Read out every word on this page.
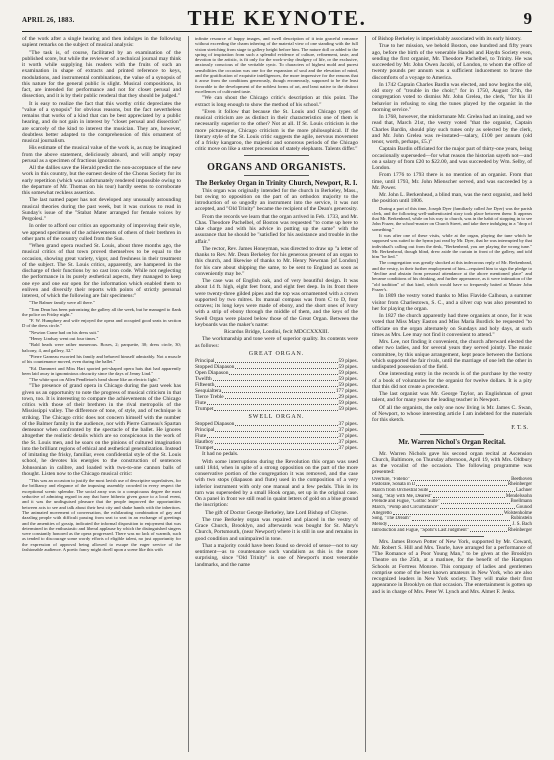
APRIL 26, 1883.	THE KEYNOTE.	9

of the work after a single hearing and then indulges in the following sapient remarks on the subject of musical analysis:

"The task is, of course, facilitated by an examination of the published score, but while the reviewer of a technical journal may think it worth while supplying his readers with the fruits of such an examination in shape of extracts and printed reference to keys, modulations, and instrumental combinations, the value of a synopsis of this nature for the general public is slight. Musical compositions, in fact, are intended for performance and not for closet perusal and dissection, and it is by their public renderal that they should be judged."

It is easy to realize the fact that this worthy critic depreciates the "value of a synopsis" for obvious reasons, but the fact nevertheless remains that works of a kind that can be best appreciated by a public hearing, and do not gain in interest by "closet perusal and dissection" are scarcely of the kind to interest the musician. They are, however, doubtless better adapted to the comprehension of this ornament of musical journalism.

His estimate of the musical value of the work is, as may be imagined from the above statement, deliciously absurd, and will amply repay perusal as a specimen of fractious ignorance.

All the dallies save the Herald predict the non-acceptance of the new work in this country, but the earnest desire of the Chorus Society for its early repetition (which was unfortunately rendered impossible owing to the departure of Mr. Thomas on his tour) hardly seems to corroborate this somewhat reckless assertion.

The last named paper has not developed any unusually astounding musical theories during the past week, but it was curious to read in Sunday's issue of the "Stabat Mater arranged for female voices by Pergolesi."

In order to afford our critics an opportunity of improving their style, we append specimens of the achievements of others of their brethren in other parts of the country culled from the Sun.

"When grand opera reached St. Louis, about three months ago, the musical critics of that town proved themselves to be equal to the occasion, showing great variety, vigor, and freshness in their treatment of the subject. The St. Louis critics, apparently, are hampered in the discharge of their functions by no cast iron code. While not neglecting the performance in its purely æsthetical aspects, they managed to keep one eye and one ear open for the information which enabled them to enliven and diversify their reports with points of strictly personal interest, of which the following are fair specimens:"

"The Balmer family were all there."

"Tom Dean has been patronizing the gallery all the week, but he managed to flank the police on Friday night."

"F. W. Humphrey and wife enjoyed the opera and occupied good seats in section D of the dress circle."

"Newton Crane had on his dress suit."

"Henry Lindsay went out four times."

"Bald heads were rather numerous. Boxes, 2; parquette, 30; dress circle, 30; balcony, 4, and gallery, 32."

"Pierre Garneau escorted his family and behaved himself admirably. Not a muscle of his countenance moved, even during the ballet."

"Ed. Dammert and Miss Hart sported pet-shaped opera hats that had apparently been laid away in ignominious obscurity since the days of Jenny Lind."

"The white spot on Allen Pendleton's head shone like an electric light."

"The presence of grand opera in Chicago during the past week has given us an opportunity to note the progress of musical criticism in that town, too. It is interesting to compare the achievements of the Chicago critics with those of their brethren in the rival metropolis of the Mississippi valley. The difference of tone, of style, and of technique is striking. The Chicago critic does not concern himself with the number of the Balmer family in the audience, nor with Pierre Garneau's Spartan demeanor when confronted by the spectacle of the ballet. He ignores altogether the realistic details which are so conspicuous in the work of the St. Louis men, and he soars on the pinions of cultured imagination into the brilliant regions of ethical and æsthetical generalization. Instead of imitating the frisky, familiar, even confidential style of the St. Louis school, he devotes his energies to the construction of sentences Johnsonian in calibre, and loaded with two-to-one cannon balls of thought. Listen now to the Chicago musical critic:

"This was an occasion to justify the most lavish use of descriptive superlatives, for the brilliancy and elegance of the imposing assembly crowded in every respect the exceptional scenic splendor. The social array was to a conspicuous degree the most seductive of admiring regard in any that have hitherto given grace to a local event, and it was the undisguised pleasure that the people improved the opportunities between acts to see and talk about their best city and shake hands with the inheritors. The animated movement of conversation, the exhilarating combination of gay and dazzling people with difficult passing from seat to seat in an exchange of greetings and the amenities of gossip, indicated the informal disposition to enjoyment that was determined in the enthusiastic and liberal applause by which the distinguished singers were constantly honored as the opera progressed. There was no lack of warmth, such as tended to discourage some wordy efforts of eligible talent, no just opportunity for the expression of approval being allowed to escape the eager service of the fashionable audience. A poetic fancy might dwell upon a scene like this with

infinite resource of happy images, and swell description of it into graceful romance without exceeding the charm inhering of the material view of one standing with the full vision stretching from stage to gallery height before him. The nature doll or added to the spring of inspiration from such a splendid evidence of culture, refinement, taste, and devotion to the artistic, is fit only for the work-a-day drudgery of life, or the exclusive, anxiously conscious of the veritable cynic. To characters of highest mold and purest sensibilities the occasion was one for the expansion of soul and the elevation of mind, and the gratification of exquisite intelligences, the more impressive for the reasons that it arose from the conditions generously, though erroneously, supposed to be the least favorable to the development of the noblest forms of art, and least native to the distinct excellences of cultivated taste.

"We can shout the Chicago critic's description at this point. The extract is long enough to show the method of his school."

"Even it follow that because the St. Louis and Chicago types of musical criticism are as distinct in their characteristics one of them is necessarily superior to the other? Not at all. If St. Louis criticism is the more picturesque, Chicago criticism is the more philosophical. If the literary style of the St. Louis critic suggests the agile, nervous movement of a frisky kangaroo, the majestic and sonorous periods of the Chicago critic move on like a street procession of stately elephants. Talents differ."

ORGANS AND ORGANISTS.
The Berkeley Organ in Trinity Church, Newport, R. I.

This organ was originally intended for the church in Berkeley, Mass., but owing to opposition on the part of an orthodox majority to the introduction of so ungodly an instrument into the service, it was not accepted, and "Old Trinity" became the recipient of the Dean's generosity.

From the records we learn that the organ arrived in Feb. 1733, and Mr. Chas. Theodore Pachelbel, of Boston was requested "to come up here to take charge and with his advice in putting up the same" with the assurance that he should be "satisfied for his assistance and trouble in the affair."

The rector, Rev. James Honeyman, was directed to draw up "a letter of thanks to Rev. Mr. Dean Berkeley for his generous present of an organ to this church, and likewise of thanks to Mr. Henry Newman [of London] for his care about shipping the same, to be sent to England as soon as conveniently may be."

The case was of English oak, and of very beautiful design. It was about 14 ft. high, eight feet front, and eight feet deep. In its front there were twenty-three gilded pipes and the top was ornamented with a crown supported by two mitres. Its manual compass was from C to D, four octaves; its long keys were made of ebony, and the short ones of ivory with a strip of ebony through the middle of them, and the keys of the Swell Organ were placed below those of the Great Organ. Between the keyboards was the maker's name:

Ricardus Bridge, Londini, fecit MDCCXXXIII.

The workmanship and tone were of superior quality. Its contents were as follows:

GREAT ORGAN.
Principal	59 pipes.
Stopped Diapason	59 pipes.
Open Diapason	59 pipes.
Twelfth	59 pipes.
Fifteenth	59 pipes.
Sesquialtera	177 pipes.
Tierce Treble	29 pipes.
Flute	59 pipes.
Trumpet	59 pipes.
SWELL ORGAN.
Stopped Diapason	37 pipes.
Principal	37 pipes.
Flute	37 pipes.
Hautboy	37 pipes.
Trumpet	37 pipes.

It had no pedals.

With some interruptions during the Revolution this organ was used until 1844, when in spite of a strong opposition on the part of the more conservative portion of the congregation it was removed, and the case with two stops (diapason and flute) used in the composition of a very inferior instrument with only one manual and a few pedals. This in its turn was superseded by a small Hook organ, set up in the original case. On a panel in front we still read in quaint letters of gold on a blue ground the inscription:

The gift of Doctor George Berkeley, late Lord Bishop of Cloyne.

The true Berkeley organ was repaired and placed in the vestry of Grace Church, Brooklyn, and afterwards was bought for St. Mary's Church, Portsmouth, (near Newport) where it is still in use and remains in good condition and unimpaired in tone.

That a majority could have been found so devoid of sense—not to say sentiment—as to countenance such vandalism as this is the more surprising, since "Old Trinity" is one of Newport's most venerable landmarks, and the name

of Bishop Berkeley is imperishably associated with its early history.

True to her mission, we behold Boston, one hundred and fifty years ago, before the birth of the venerable Handel and Haydn Society even, sending the first organist, Mr. Theodore Pachelbel, to Trinity. He was succeeded by Mr. John Owen Jacobi, of London, to whom the office of twenty pounds per annum was a sufficient inducement to brave the discomforts of a voyage to America.

In 1742 Captain Charles Bardin was elected, and now begins the old, old story of "trouble in the choir;" for in 1750, August 27th, the congregation voted to dismiss Mr. John Grelea, the clerk, "for his ill behavior in refusing to sing the tunes played by the organist in the morning service."

In 1768, however, the misfortunate Mr. Grelea had an inning, and we read that, March 21st, the vestry voted "that the organist, Captain Charles Bardin, should play such tunes only as selected by the clerk, and Mr. John Grelea was re-instated—salary, £100 per annum (old tenor, worth, perhaps, £5.)"

Captain Bardin officiated for the major part of thirty-one years, being occasionally superseded—for what reason the historian sayeth not—and on a salary of from £20 to $22.00, and was succeeded by Wm. Selby, of London.

From 1776 to 1793 there is no mention of an organist. From that time, until 1793, Mr. John Mienscher served, and was succeeded by a Mr. Power.

Mr. John L. Berkenhead, a blind man, was the next organist, and held the position until 1806.

During a part of this time, Joseph Dyer (familiarly called Joe Dyer) was the parish clerk, and the following well-authenticated story took place between them: It appears that Mr. Berkenhead, while on his way to church, was in the habit of stopping in to see John Frazer, the school-master on Church Street, and take there indulging in a "drop of something."

It was after one of these visits, while at the organ, playing the tune which he supposed was suited to the hymn just read by Mr. Dyer, that he was interrupted by that individual's calling out from the desk, "Berkenhead, you are playing the wrong tune." Mr. Berkenhead, though blind, drew aside the curtain in front of the gallery, and told him "he lied."

The congregation was greatly shocked at this indecorous reply of Mr. Berkenhead, and the vestry, in their further employment of him—required him to sign the pledge to "decline and abstain from personal attendance at the above mentioned place" and became conditions of his drinking, and further appearance, as it were intimation of the "old tradition" of that kind, which would have so frequently baited at Master John Frazer's.

In 1809 the vestry voted thanks to Miss Flavide Calhoun, a summer visitor from Charlestown, S. C., and a silver cup was also presented to her for playing the organ.

In 1827 the church apparently had three organists at once, for it was voted that Miss Mary Easton and Miss Maria Burdick be requested "to officiate on the organ alternately on Sundays and holy days, at such times as Mrs. Lee may not find it convenient to attend."

Mrs. Lee, not finding it convenient, the church afterward elected the other two ladies, and for several years they served jointly. The music committee, by this unique arrangement, kept peace between the factions which supported the fair rivals, until the marriage of one left the other in undisputed possession of the field.

One interesting entry in the records is of the purchase by the vestry of a book of voluntaries for the organist for twelve dollars. It is a pity that this did not create a precedent.

The last organist was Mr. George Taylor, an Englishman of great talent, and for many years the leading teacher in Newport.

Of all the organists, the only one now living is Mr. James C. Swan, of Newport, to whose interesting article I am indebted for the materials for this sketch.

F. T. S.
Mr. Warren Nichol's Organ Recital.

Mr. Warren Nichols gave his second organ recital at Ascension Church, Baltimore, on Thursday afternoon, April 19, with Mrs. Oldbury as the vocalist of the occasion. The following programme was presented:

Overture, "Fidelio"	Beethoven
Pastorale, Sonata in D	Rheinberger
March from Orchestral Suite	Lachner
Song, "Stay with Me, Dearest"	Mendelssohn
Prelude and Fugue, "Gothic Suite"	Boellmann
March, "Pomp and Circumstance"	Gounod
Allegretto	Wolstenholme
Song, "The Dream"	Rubinstein
Melody	J. S. Bach
Introduction and Fugue, "Spohr's Last Judgment"	Rheinberger

Mrs. James Brown Potter of New York, supported by Mr. Coward, Mr. Robert S. Hill and Mrs. Tearle, have arranged for a performance of "The Romance of a Poor Young Man," to be given at the Brooklyn Theatre on the 25th, at a matinee, for the benefit of the Hampton Schools at Fortress Monroe. This company of ladies and gentlemen comprise some of the best known amateurs in New York, who are also recognized leaders in New York society. They will make their first appearance in Brooklyn on that occasion. The entertainment is gotten up and is in charge of Mrs. Peter W. Lynch and Mrs. Almet F. Jenks.
